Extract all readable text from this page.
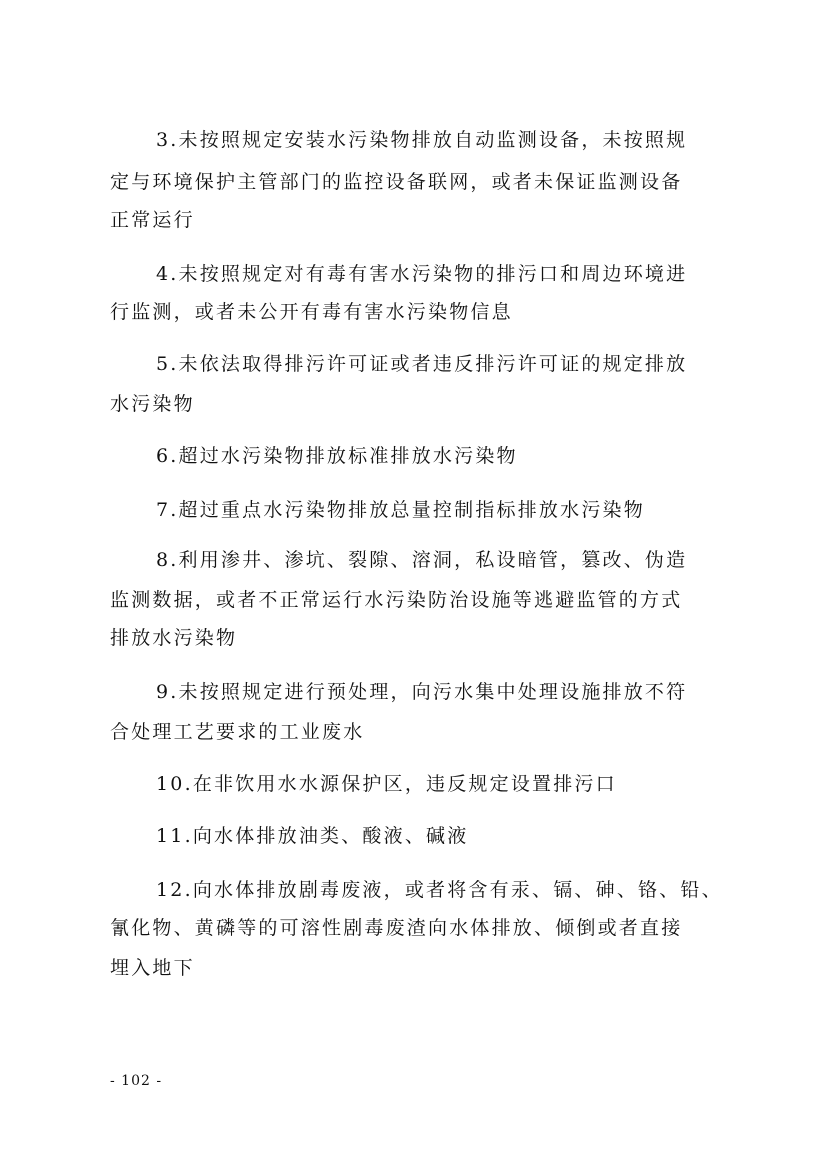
3.未按照规定安装水污染物排放自动监测设备，未按照规
定与环境保护主管部门的监控设备联网，或者未保证监测设备
正常运行
4.未按照规定对有毒有害水污染物的排污口和周边环境进
行监测，或者未公开有毒有害水污染物信息
5.未依法取得排污许可证或者违反排污许可证的规定排放
水污染物
6.超过水污染物排放标准排放水污染物
7.超过重点水污染物排放总量控制指标排放水污染物
8.利用渗井、渗坑、裂隙、溶洞，私设暗管，篡改、伪造
监测数据，或者不正常运行水污染防治设施等逃避监管的方式
排放水污染物
9.未按照规定进行预处理，向污水集中处理设施排放不符
合处理工艺要求的工业废水
10.在非饮用水水源保护区，违反规定设置排污口
11.向水体排放油类、酸液、碱液
12.向水体排放剧毒废液，或者将含有汞、镉、砷、铬、铅、
氰化物、黄磷等的可溶性剧毒废渣向水体排放、倾倒或者直接
埋入地下
- 102 -
